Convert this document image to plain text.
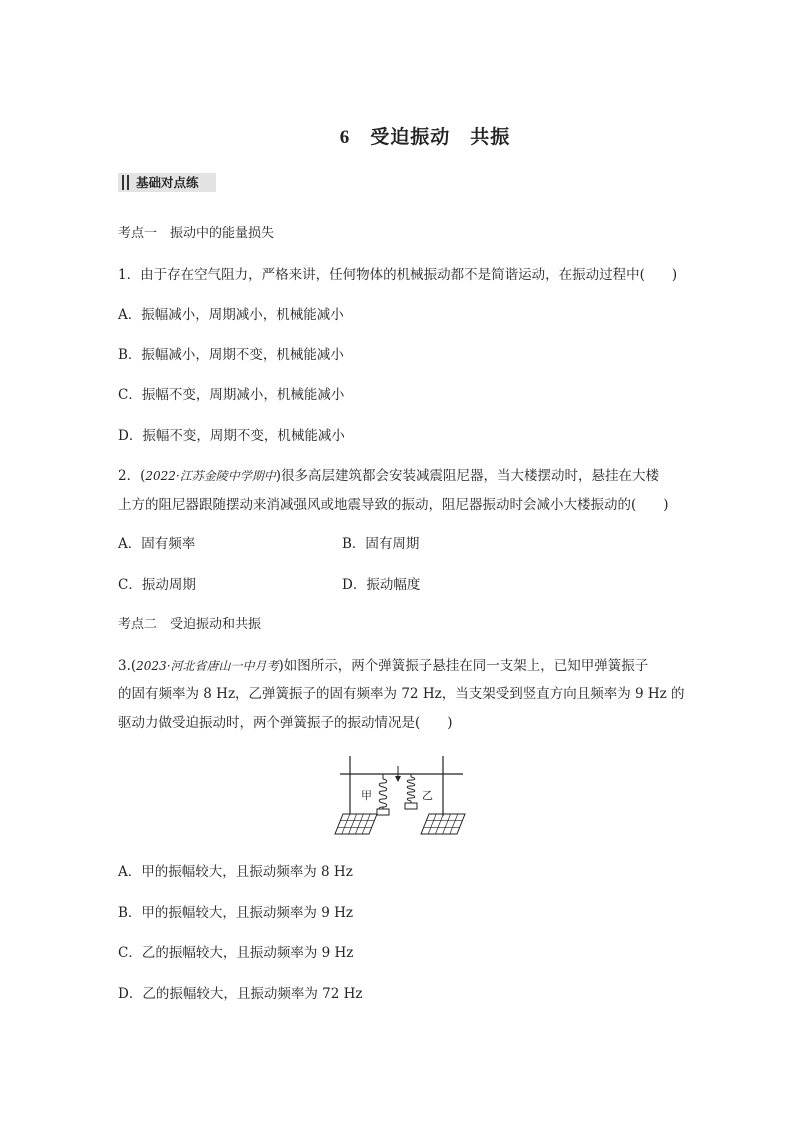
6 受迫振动　共振
基础对点练
考点一　振动中的能量损失
1．由于存在空气阻力，严格来讲，任何物体的机械振动都不是简谐运动，在振动过程中(　　)
A．振幅减小，周期减小，机械能减小
B．振幅减小，周期不变，机械能减小
C．振幅不变，周期减小，机械能减小
D．振幅不变，周期不变，机械能减小
2．(2022·江苏金陵中学期中)很多高层建筑都会安装减震阻尼器，当大楼摆动时，悬挂在大楼
上方的阻尼器跟随摆动来消减强风或地震导致的振动，阻尼器振动时会减小大楼振动的(　　)
A．固有频率	B．固有周期
C．振动周期	D．振动幅度
考点二　受迫振动和共振
3.(2023·河北省唐山一中月考)如图所示，两个弹簧振子悬挂在同一支架上，已知甲弹簧振子
的固有频率为 8 Hz，乙弹簧振子的固有频率为 72 Hz，当支架受到竖直方向且频率为 9 Hz 的
驱动力做受迫振动时，两个弹簧振子的振动情况是(　　)
甲	乙
A．甲的振幅较大，且振动频率为 8 Hz
B．甲的振幅较大，且振动频率为 9 Hz
C．乙的振幅较大，且振动频率为 9 Hz
D．乙的振幅较大，且振动频率为 72 Hz
